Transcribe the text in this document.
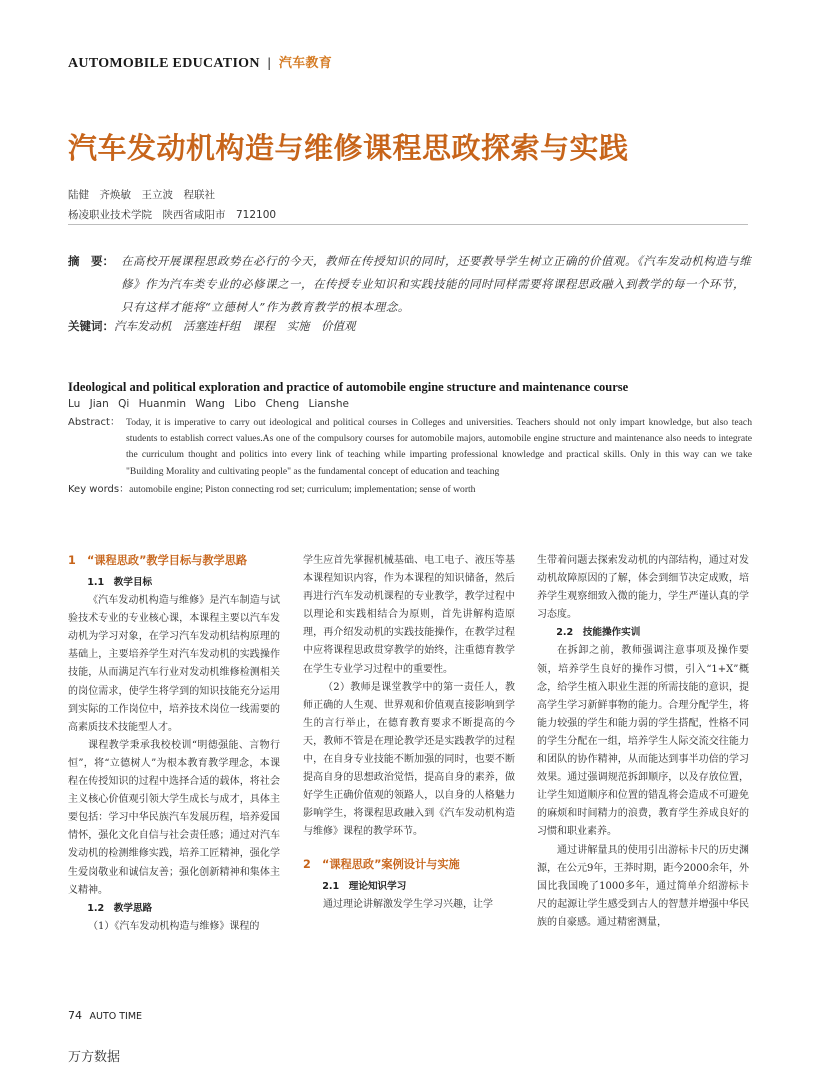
AUTOMOBILE EDUCATION | 汽车教育
汽车发动机构造与维修课程思政探索与实践
陆健　齐焕敏　王立波　程联社
杨凌职业技术学院　陕西省咸阳市　712100
摘　要： 在高校开展课程思政势在必行的今天，教师在传授知识的同时，还要教导学生树立正确的价值观。《汽车发动机构造与维修》作为汽车类专业的必修课之一，在传授专业知识和实践技能的同时同样需要将课程思政融入到教学的每一个环节，只有这样才能将“立德树人”作为教育教学的根本理念。
关键词：汽车发动机　活塞连杆组　课程　实施　价值观
Ideological and political exploration and practice of automobile engine structure and maintenance course
Lu Jian Qi Huanmin Wang Libo Cheng Lianshe
Abstract： Today, it is imperative to carry out ideological and political courses in Colleges and universities. Teachers should not only impart knowledge, but also teach students to establish correct values.As one of the compulsory courses for automobile majors, automobile engine structure and maintenance also needs to integrate the curriculum thought and politics into every link of teaching while imparting professional knowledge and practical skills. Only in this way can we take "Building Morality and cultivating people" as the fundamental concept of education and teaching
Key words：automobile engine; Piston connecting rod set; curriculum; implementation; sense of worth
1　“课程思政”教学目标与教学思路
1.1　教学目标

《汽车发动机构造与维修》是汽车制造与试验技术专业的专业核心课，本课程主要以汽车发动机为学习对象，在学习汽车发动机结构原理的基础上，主要培养学生对汽车发动机的实践操作技能，从而满足汽车行业对发动机维修检测相关的岗位需求，使学生将学到的知识技能充分运用到实际的工作岗位中，培养技术岗位一线需要的高素质技术技能型人才。

课程教学秉承我校校训“明德强能、言物行恒”，将“立德树人”为根本教育教学理念，本课程在传授知识的过程中选择合适的载体，将社会主义核心价值观引领大学生成长与成才，具体主要包括：学习中华民族汽车发展历程，培养爱国情怀，强化文化自信与社会责任感；通过对汽车发动机的检测维修实践，培养工匠精神，强化学生爱岗敬业和诚信友善；强化创新精神和集体主义精神。

1.2　教学思路

（1）《汽车发动机构造与维修》课程的

学生应首先掌握机械基础、电工电子、液压等基本课程知识内容，作为本课程的知识储备，然后再进行汽车发动机课程的专业教学，教学过程中以理论和实践相结合为原则，首先讲解构造原理，再介绍发动机的实践技能操作，在教学过程中应将课程思政贯穿教学的始终，注重德育教学在学生专业学习过程中的重要性。

（2）教师是课堂教学中的第一责任人，教师正确的人生观、世界观和价值观直接影响到学生的言行举止，在德育教育要求不断提高的今天，教师不管是在理论教学还是实践教学的过程中，在自身专业技能不断加强的同时，也要不断提高自身的思想政治觉悟，提高自身的素养，做好学生正确价值观的领路人，以自身的人格魅力影响学生，将课程思政融入到《汽车发动机构造与维修》课程的教学环节。

2　“课程思政”案例设计与实施
2.1　理论知识学习

通过理论讲解激发学生学习兴趣，让学

生带着问题去探索发动机的内部结构，通过对发动机故障原因的了解，体会到细节决定成败，培养学生观察细致入微的能力，学生严谨认真的学习态度。

2.2　技能操作实训

在拆卸之前，教师强调注意事项及操作要领，培养学生良好的操作习惯，引入“1+X”概念，给学生植入职业生涯的所需技能的意识，提高学生学习新鲜事物的能力。合理分配学生，将能力较强的学生和能力弱的学生搭配，性格不同的学生分配在一组，培养学生人际交流交往能力和团队的协作精神，从而能达到事半功倍的学习效果。通过强调规范拆卸顺序，以及存放位置，让学生知道顺序和位置的错乱将会造成不可避免的麻烦和时间精力的浪费，教育学生养成良好的习惯和职业素养。

通过讲解量具的使用引出游标卡尺的历史渊源，在公元9年，王莽时期，距今2000余年，外国比我国晚了1000多年，通过简单介绍游标卡尺的起源让学生感受到古人的智慧并增强中华民族的自豪感。通过精密测量，

74 AUTO TIME
万方数据
